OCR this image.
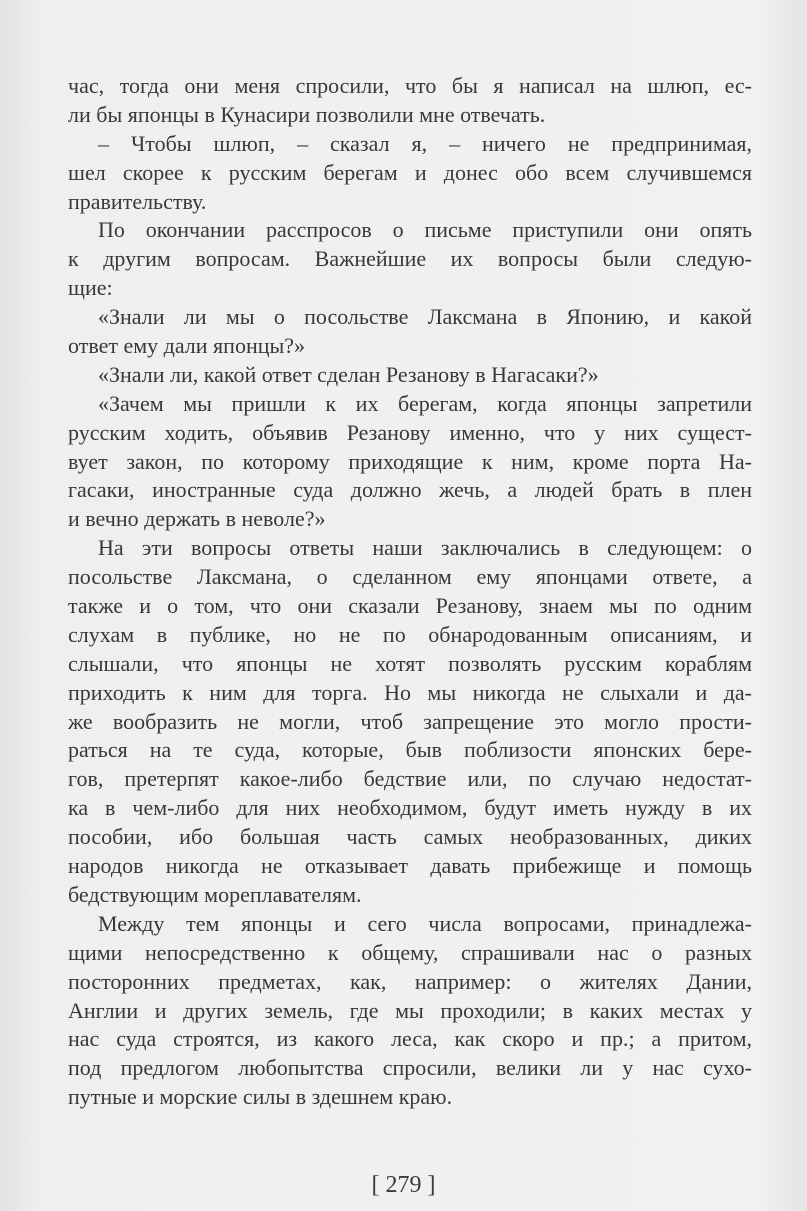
час, тогда они меня спросили, что бы я написал на шлюп, ес-
ли бы японцы в Кунасири позволили мне отвечать.
– Чтобы шлюп, – сказал я, – ничего не предпринимая,
шел скорее к русским берегам и донес обо всем случившемся
правительству.
По окончании расспросов о письме приступили они опять
к другим вопросам. Важнейшие их вопросы были следую-
щие:
«Знали ли мы о посольстве Лаксмана в Японию, и какой
ответ ему дали японцы?»
«Знали ли, какой ответ сделан Резанову в Нагасаки?»
«Зачем мы пришли к их берегам, когда японцы запретили
русским ходить, объявив Резанову именно, что у них сущест-
вует закон, по которому приходящие к ним, кроме порта На-
гасаки, иностранные суда должно жечь, а людей брать в плен
и вечно держать в неволе?»
На эти вопросы ответы наши заключались в следующем: о
посольстве Лаксмана, о сделанном ему японцами ответе, а
также и о том, что они сказали Резанову, знаем мы по одним
слухам в публике, но не по обнародованным описаниям, и
слышали, что японцы не хотят позволять русским кораблям
приходить к ним для торга. Но мы никогда не слыхали и да-
же вообразить не могли, чтоб запрещение это могло прости-
раться на те суда, которые, быв поблизости японских бере-
гов, претерпят какое-либо бедствие или, по случаю недостат-
ка в чем-либо для них необходимом, будут иметь нужду в их
пособии, ибо большая часть самых необразованных, диких
народов никогда не отказывает давать прибежище и помощь
бедствующим мореплавателям.
Между тем японцы и сего числа вопросами, принадлежа-
щими непосредственно к общему, спрашивали нас о разных
посторонних предметах, как, например: о жителях Дании,
Англии и других земель, где мы проходили; в каких местах у
нас суда строятся, из какого леса, как скоро и пр.; а притом,
под предлогом любопытства спросили, велики ли у нас сухо-
путные и морские силы в здешнем краю.
[ 279 ]
